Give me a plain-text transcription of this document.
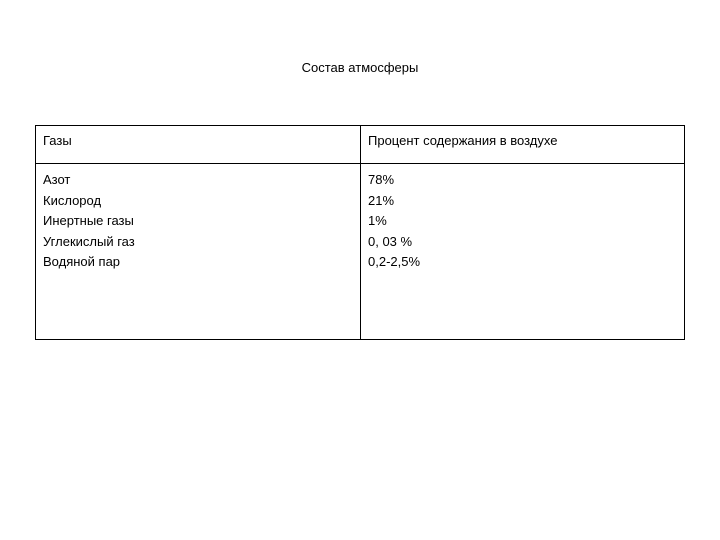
Состав атмосферы
Газы	Процент содержания в воздухе
Азот
Кислород
Инертные газы
Углекислый газ
Водяной пар
78%
21%
1%
0, 03 %
0,2-2,5%
